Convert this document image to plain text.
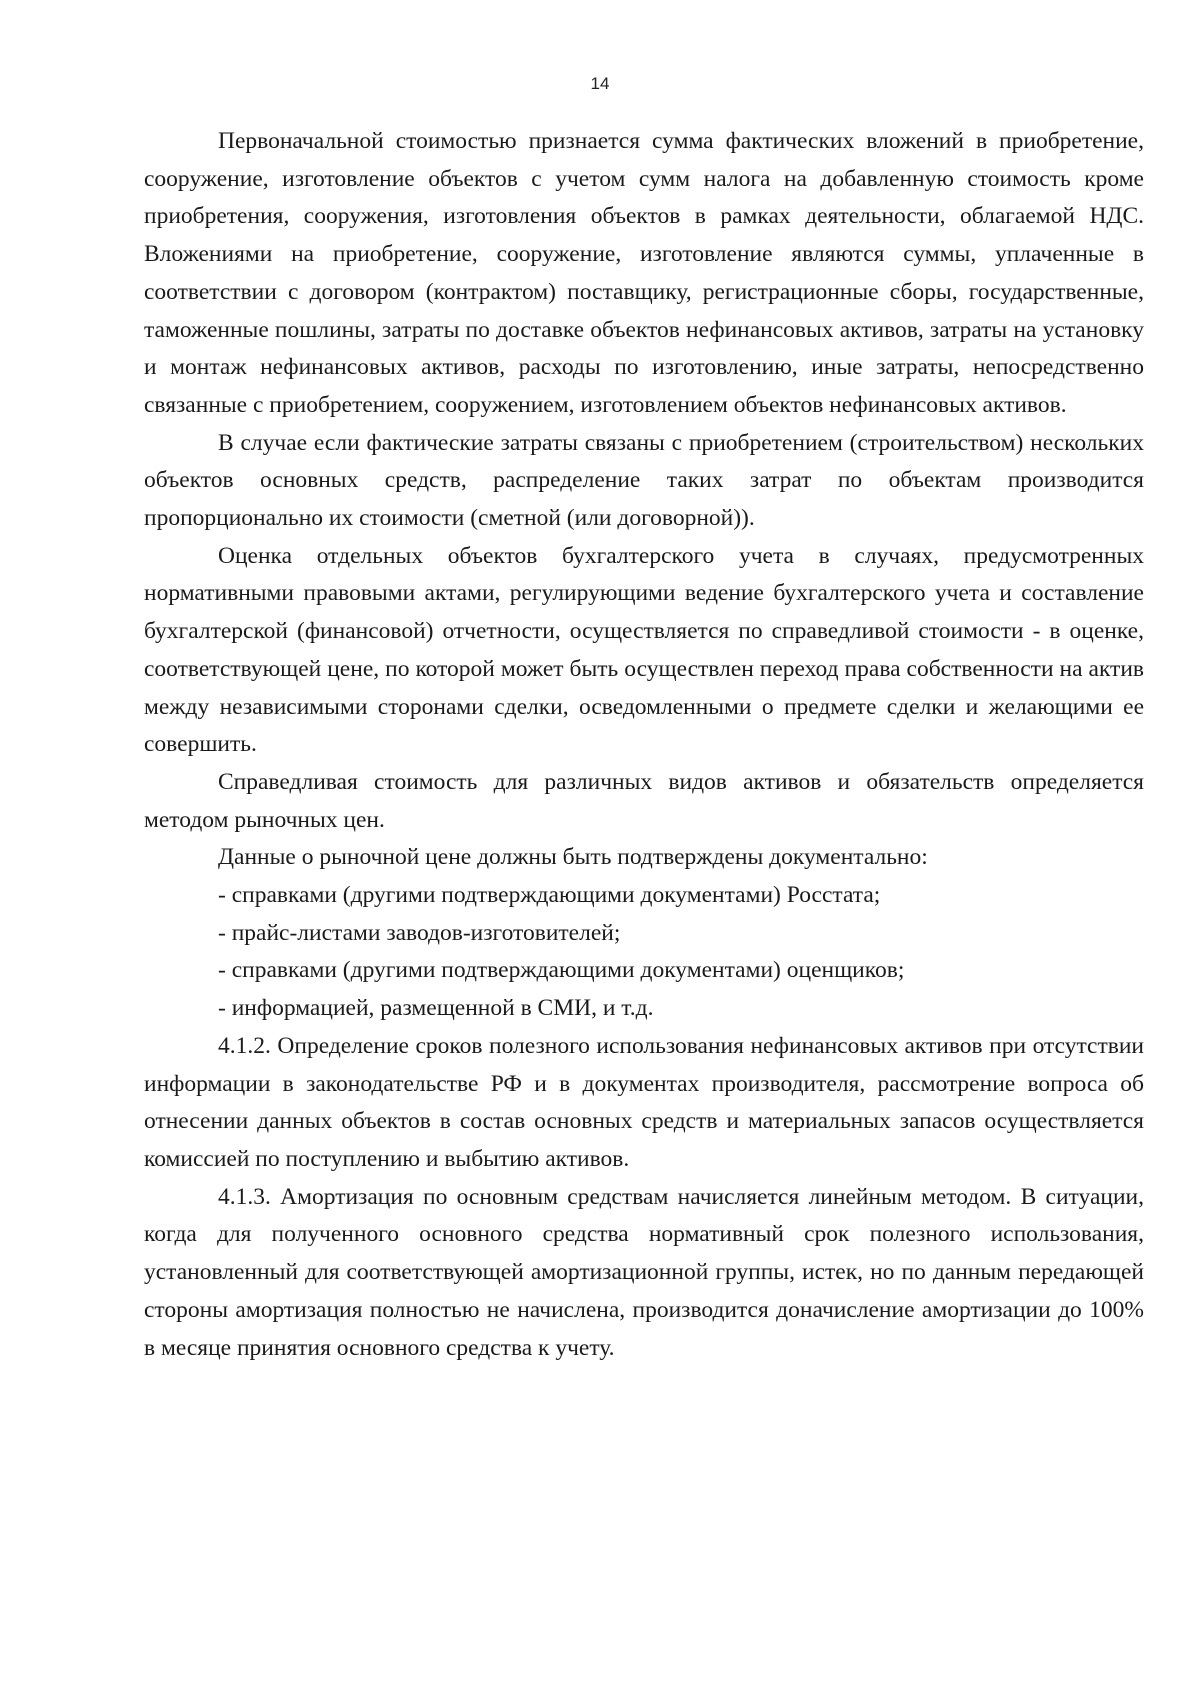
14

Первоначальной стоимостью признается сумма фактических вложений в приобретение, сооружение, изготовление объектов с учетом сумм налога на добавленную стоимость кроме приобретения, сооружения, изготовления объектов в рамках деятельности, облагаемой НДС. Вложениями на приобретение, сооружение, изготовление являются суммы, уплаченные в соответствии с договором (контрактом) поставщику, регистрационные сборы, государственные, таможенные пошлины, затраты по доставке объектов нефинансовых активов, затраты на установку и монтаж нефинансовых активов, расходы по изготовлению, иные затраты, непосредственно связанные с приобретением, сооружением, изготовлением объектов нефинансовых активов.

В случае если фактические затраты связаны с приобретением (строительством) нескольких объектов основных средств, распределение таких затрат по объектам производится пропорционально их стоимости (сметной (или договорной)).

Оценка отдельных объектов бухгалтерского учета в случаях, предусмотренных нормативными правовыми актами, регулирующими ведение бухгалтерского учета и составление бухгалтерской (финансовой) отчетности, осуществляется по справедливой стоимости - в оценке, соответствующей цене, по которой может быть осуществлен переход права собственности на актив между независимыми сторонами сделки, осведомленными о предмете сделки и желающими ее совершить.

Справедливая стоимость для различных видов активов и обязательств определяется методом рыночных цен.

Данные о рыночной цене должны быть подтверждены документально:

- справками (другими подтверждающими документами) Росстата;

- прайс-листами заводов-изготовителей;

- справками (другими подтверждающими документами) оценщиков;

- информацией, размещенной в СМИ, и т.д.

4.1.2. Определение сроков полезного использования нефинансовых активов при отсутствии информации в законодательстве РФ и в документах производителя, рассмотрение вопроса об отнесении данных объектов в состав основных средств и материальных запасов осуществляется комиссией по поступлению и выбытию активов.

4.1.3. Амортизация по основным средствам начисляется линейным методом. В ситуации, когда для полученного основного средства нормативный срок полезного использования, установленный для соответствующей амортизационной группы, истек, но по данным передающей стороны амортизация полностью не начислена, производится доначисление амортизации до 100% в месяце принятия основного средства к учету.
